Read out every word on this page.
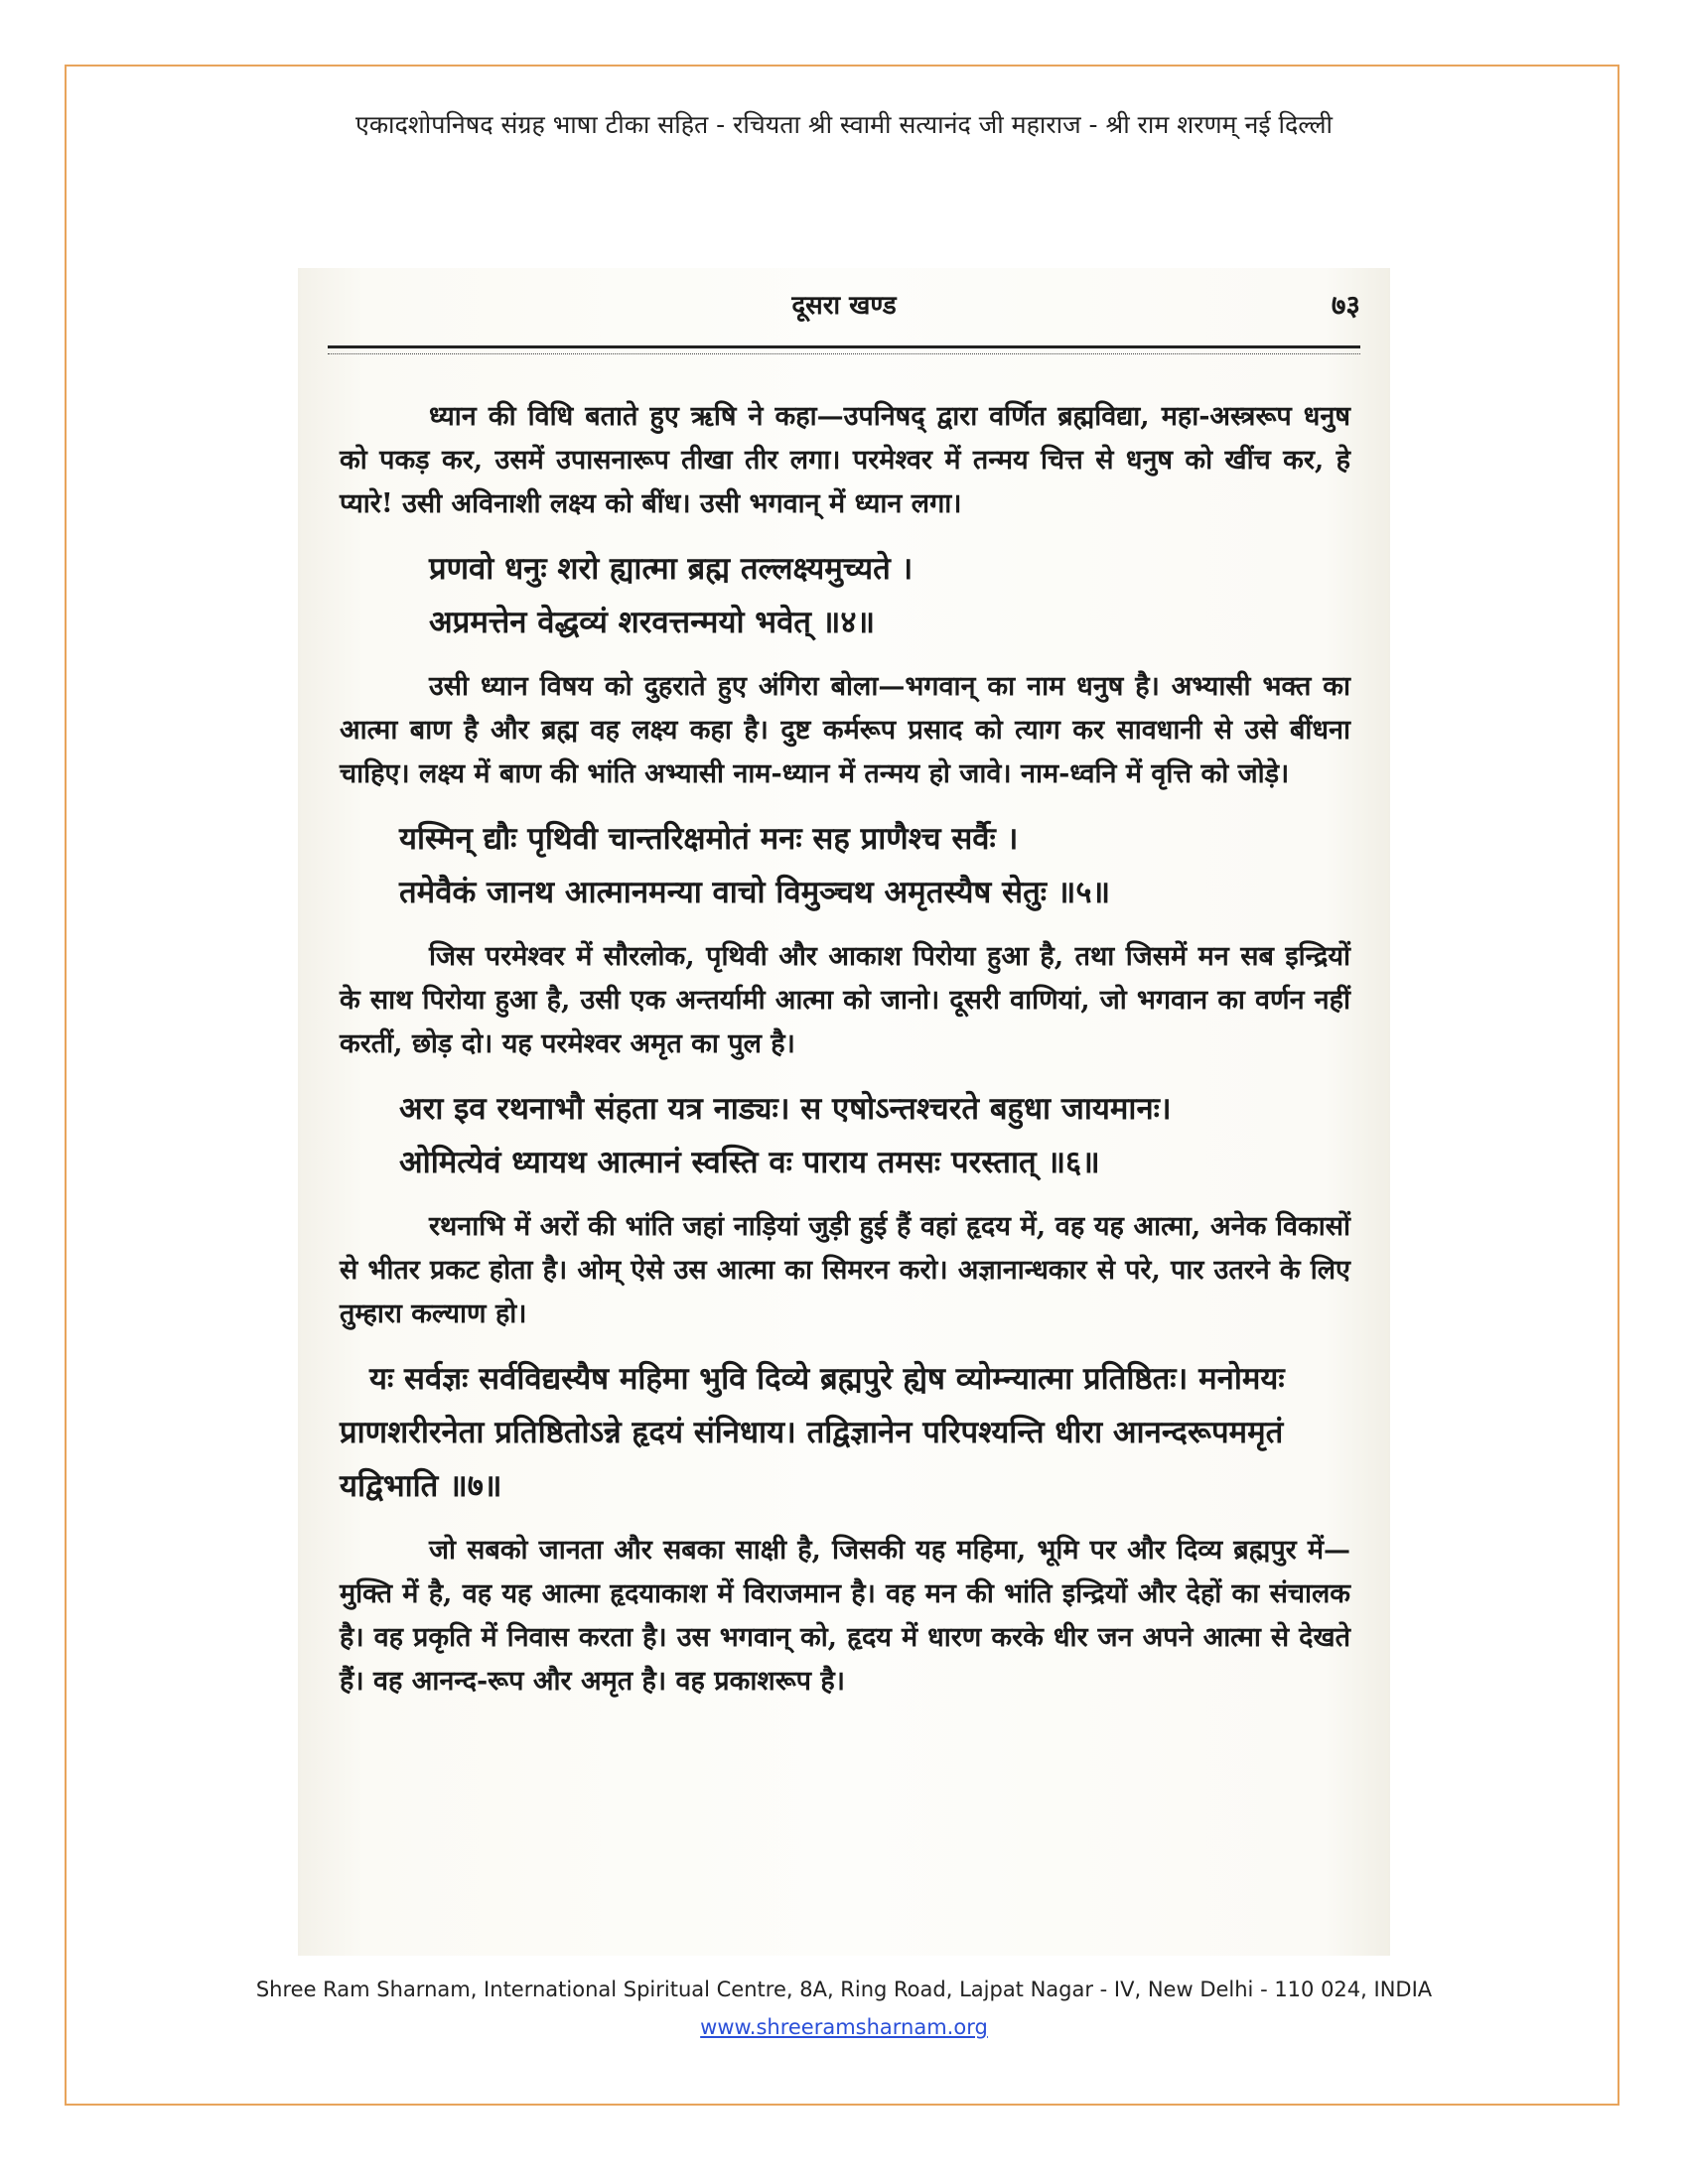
एकादशोपनिषद संग्रह भाषा टीका सहित - रचियता श्री स्वामी सत्यानंद जी महाराज - श्री राम शरणम् नई दिल्ली
दूसरा खण्ड	७३

ध्यान की विधि बताते हुए ऋषि ने कहा—उपनिषद् द्वारा वर्णित ब्रह्मविद्या, महा-अस्त्ररूप धनुष को पकड़ कर, उसमें उपासनारूप तीखा तीर लगा। परमेश्वर में तन्मय चित्त से धनुष को खींच कर, हे प्यारे! उसी अविनाशी लक्ष्य को बींध। उसी भगवान् में ध्यान लगा।

प्रणवो धनुः शरो ह्यात्मा ब्रह्म तल्लक्ष्यमुच्यते ।
अप्रमत्तेन वेद्धव्यं शरवत्तन्मयो भवेत् ॥४॥

उसी ध्यान विषय को दुहराते हुए अंगिरा बोला—भगवान् का नाम धनुष है। अभ्यासी भक्त का आत्मा बाण है और ब्रह्म वह लक्ष्य कहा है। दुष्ट कर्मरूप प्रसाद को त्याग कर सावधानी से उसे बींधना चाहिए। लक्ष्य में बाण की भांति अभ्यासी नाम-ध्यान में तन्मय हो जावे। नाम-ध्वनि में वृत्ति को जोड़े।

यस्मिन् द्यौः पृथिवी चान्तरिक्षमोतं मनः सह प्राणैश्च सर्वैः ।
तमेवैकं जानथ आत्मानमन्या वाचो विमुञ्चथ अमृतस्यैष सेतुः ॥५॥

जिस परमेश्वर में सौरलोक, पृथिवी और आकाश पिरोया हुआ है, तथा जिसमें मन सब इन्द्रियों के साथ पिरोया हुआ है, उसी एक अन्तर्यामी आत्मा को जानो। दूसरी वाणियां, जो भगवान का वर्णन नहीं करतीं, छोड़ दो। यह परमेश्वर अमृत का पुल है।

अरा इव रथनाभौ संहता यत्र नाड्यः। स एषोऽन्तश्चरते बहुधा जायमानः।
ओमित्येवं ध्यायथ आत्मानं स्वस्ति वः पाराय तमसः परस्तात् ॥६॥

रथनाभि में अरों की भांति जहां नाड़ियां जुड़ी हुई हैं वहां हृदय में, वह यह आत्मा, अनेक विकासों से भीतर प्रकट होता है। ओम् ऐसे उस आत्मा का सिमरन करो। अज्ञानान्धकार से परे, पार उतरने के लिए तुम्हारा कल्याण हो।

यः सर्वज्ञः सर्वविद्यस्यैष महिमा भुवि दिव्ये ब्रह्मपुरे ह्येष व्योम्न्यात्मा प्रतिष्ठितः। मनोमयः प्राणशरीरनेता प्रतिष्ठितोऽन्ने हृदयं संनिधाय। तद्विज्ञानेन परिपश्यन्ति धीरा आनन्दरूपममृतं यद्विभाति ॥७॥

जो सबको जानता और सबका साक्षी है, जिसकी यह महिमा, भूमि पर और दिव्य ब्रह्मपुर में—मुक्ति में है, वह यह आत्मा हृदयाकाश में विराजमान है। वह मन की भांति इन्द्रियों और देहों का संचालक है। वह प्रकृति में निवास करता है। उस भगवान् को, हृदय में धारण करके धीर जन अपने आत्मा से देखते हैं। वह आनन्द-रूप और अमृत है। वह प्रकाशरूप है।

Shree Ram Sharnam, International Spiritual Centre, 8A, Ring Road, Lajpat Nagar - IV, New Delhi - 110 024, INDIA
www.shreeramsharnam.org
